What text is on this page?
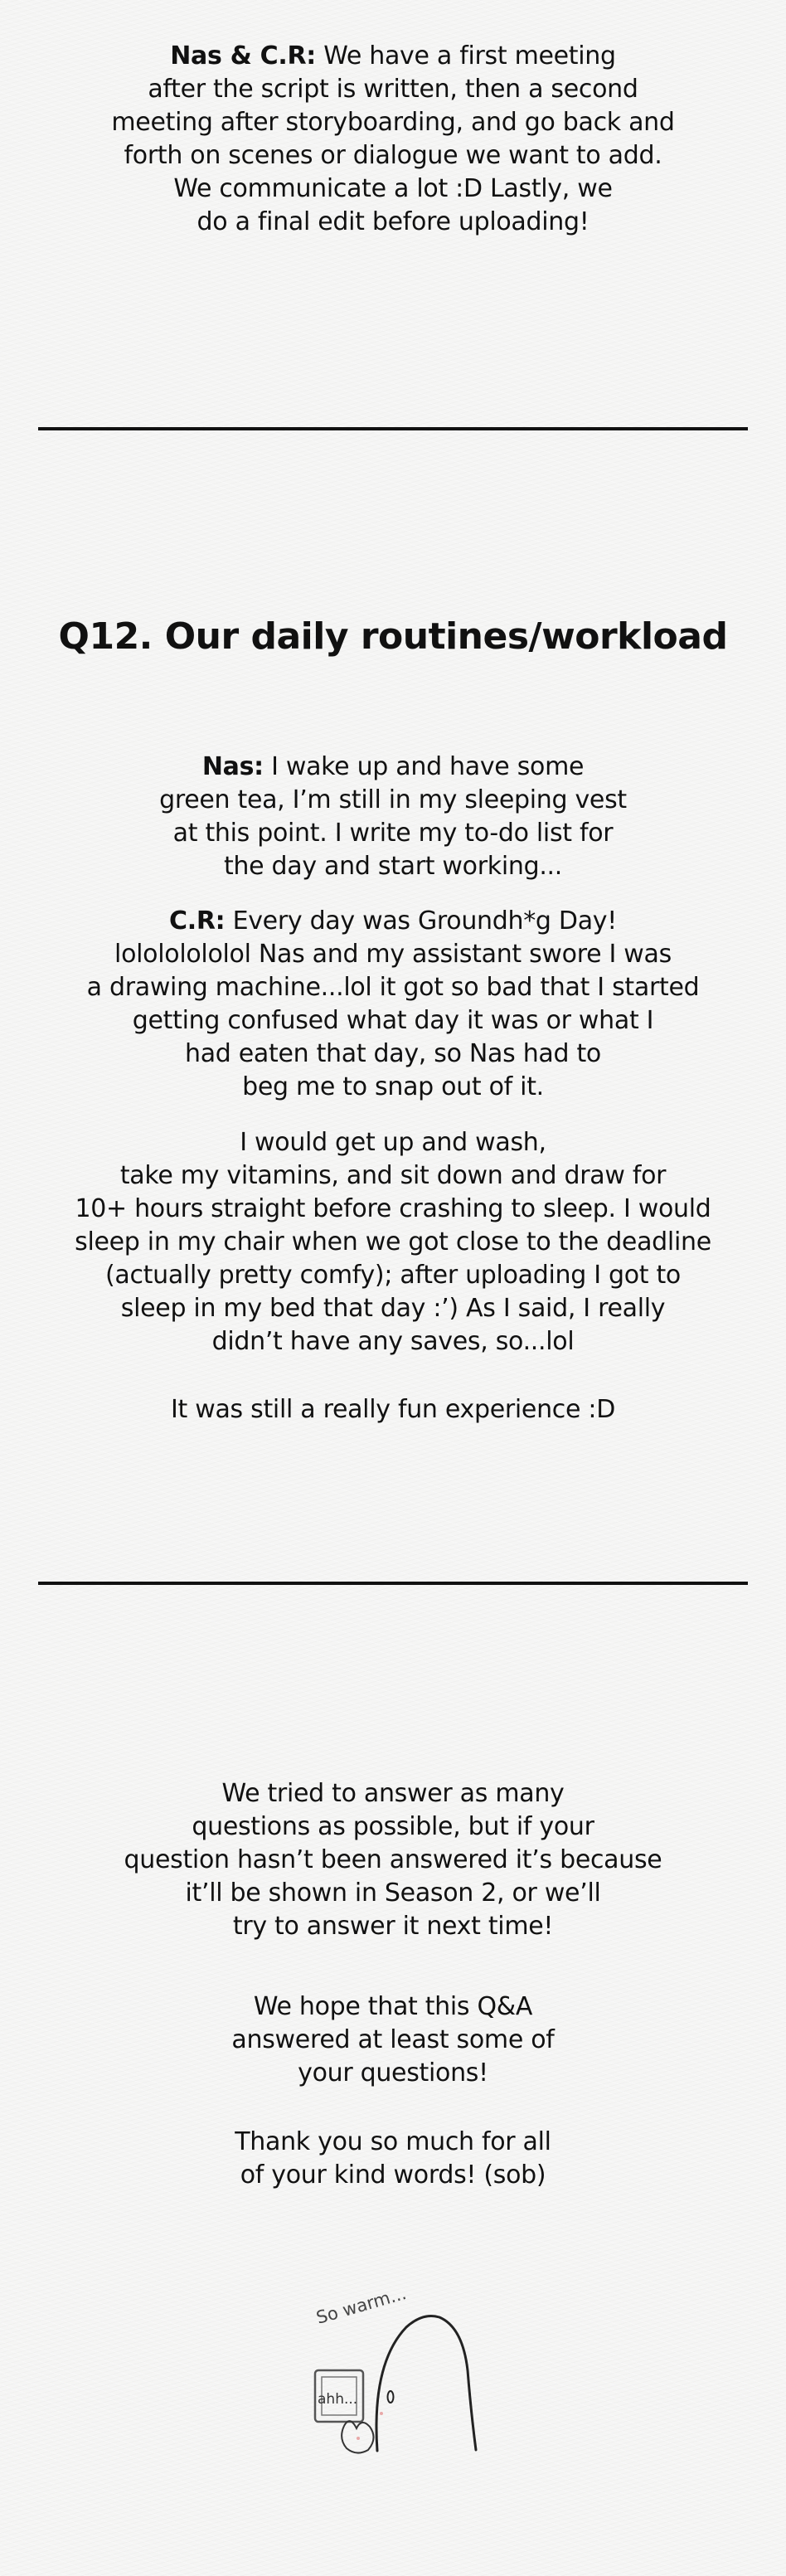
Nas & C.R: We have a first meeting

after the script is written, then a second

meeting after storyboarding, and go back and

forth on scenes or dialogue we want to add.

We communicate a lot :D Lastly, we

do a final edit before uploading!

Q12. Our daily routines/workload

Nas: I wake up and have some

green tea, I’m still in my sleeping vest

at this point. I write my to-do list for

the day and start working...

C.R: Every day was Groundh*g Day!

lolololololol Nas and my assistant swore I was

a drawing machine...lol it got so bad that I started

getting confused what day it was or what I

had eaten that day, so Nas had to

beg me to snap out of it.

I would get up and wash,

take my vitamins, and sit down and draw for

10+ hours straight before crashing to sleep. I would

sleep in my chair when we got close to the deadline

(actually pretty comfy); after uploading I got to

sleep in my bed that day :’) As I said, I really

didn’t have any saves, so...lol

It was still a really fun experience :D

We tried to answer as many

questions as possible, but if your

question hasn’t been answered it’s because

it’ll be shown in Season 2, or we’ll

try to answer it next time!

We hope that this Q&A

answered at least some of

your questions!

Thank you so much for all

of your kind words! (sob)

So warm...
ahh...
